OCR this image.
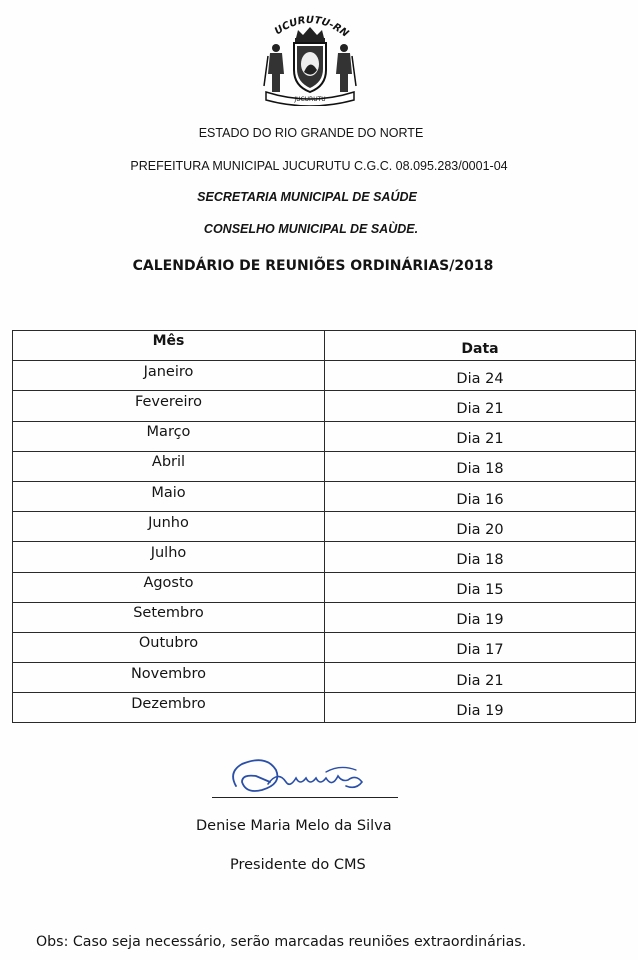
UCURUTU-RN
JUCURUTU
ESTADO DO RIO GRANDE DO NORTE
PREFEITURA MUNICIPAL JUCURUTU C.G.C. 08.095.283/0001-04
SECRETARIA MUNICIPAL DE SAÚDE
CONSELHO MUNICIPAL DE SAÙDE.
CALENDÁRIO DE REUNIÕES ORDINÁRIAS/2018
Mês	Data
Janeiro	Dia 24
Fevereiro	Dia 21
Março	Dia 21
Abril	Dia 18
Maio	Dia 16
Junho	Dia 20
Julho	Dia 18
Agosto	Dia 15
Setembro	Dia 19
Outubro	Dia 17
Novembro	Dia 21
Dezembro	Dia 19
Denise Maria Melo da Silva
Presidente do CMS
Obs: Caso seja necessário, serão marcadas reuniões extraordinárias.
